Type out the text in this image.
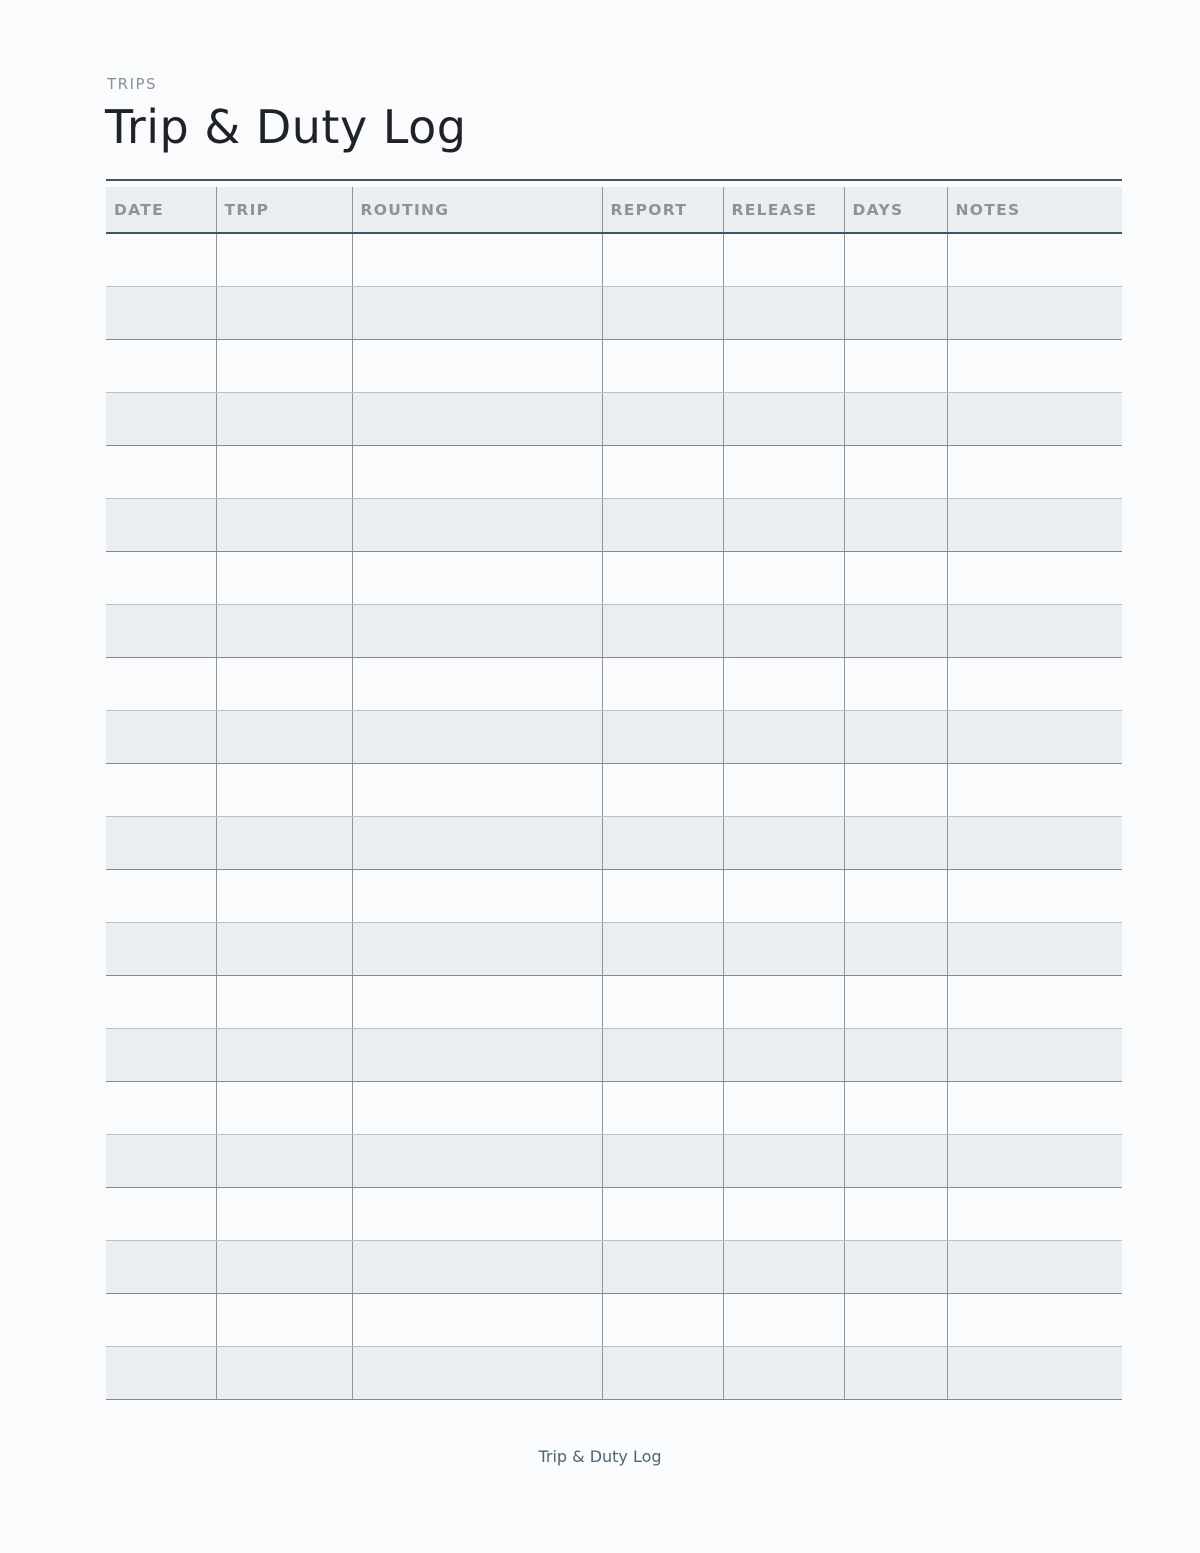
TRIPS
Trip & Duty Log
DATE	TRIP	ROUTING	REPORT	RELEASE	DAYS	NOTES

Trip & Duty Log
